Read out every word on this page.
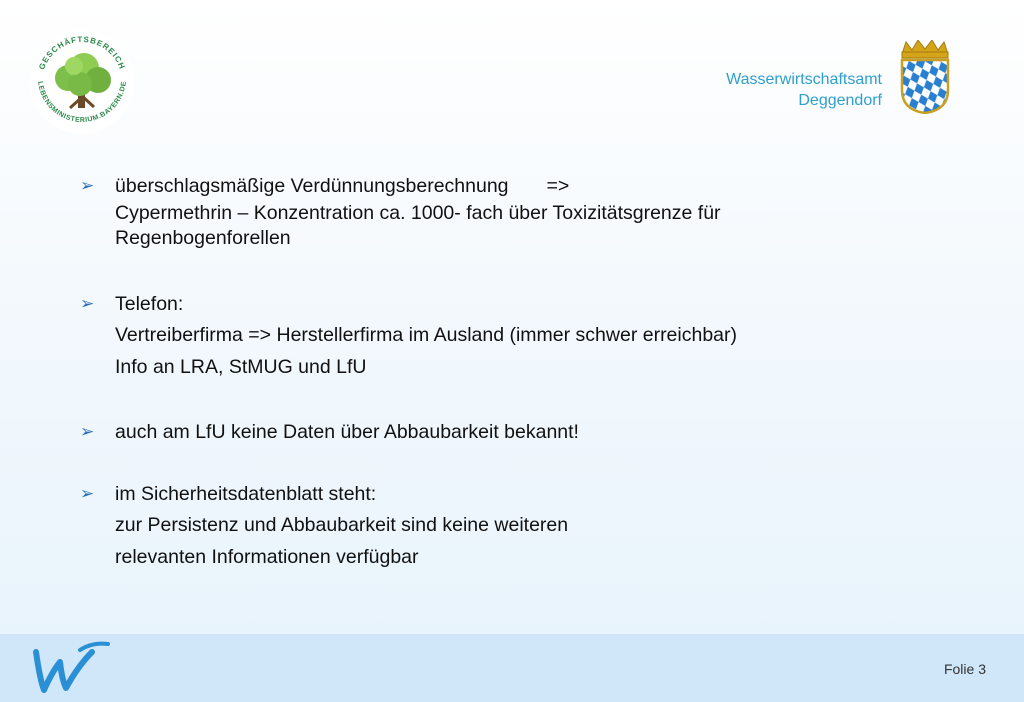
GESCHÄFTSBEREICH
LEBENSMINISTERIUM.BAYERN.DE	Wasserwirtschaftsamt
Deggendorf
➢ überschlagsmäßige Verdünnungsberechnung =>
Cypermethrin – Konzentration ca. 1000- fach über Toxizitätsgrenze für
Regenbogenforellen
➢ Telefon:
Vertreiberfirma => Herstellerfirma im Ausland (immer schwer erreichbar)
Info an LRA, StMUG und LfU
➢ auch am LfU keine Daten über Abbaubarkeit bekannt!
➢ im Sicherheitsdatenblatt steht:
zur Persistenz und Abbaubarkeit sind keine weiteren
relevanten Informationen verfügbar
Folie 3
